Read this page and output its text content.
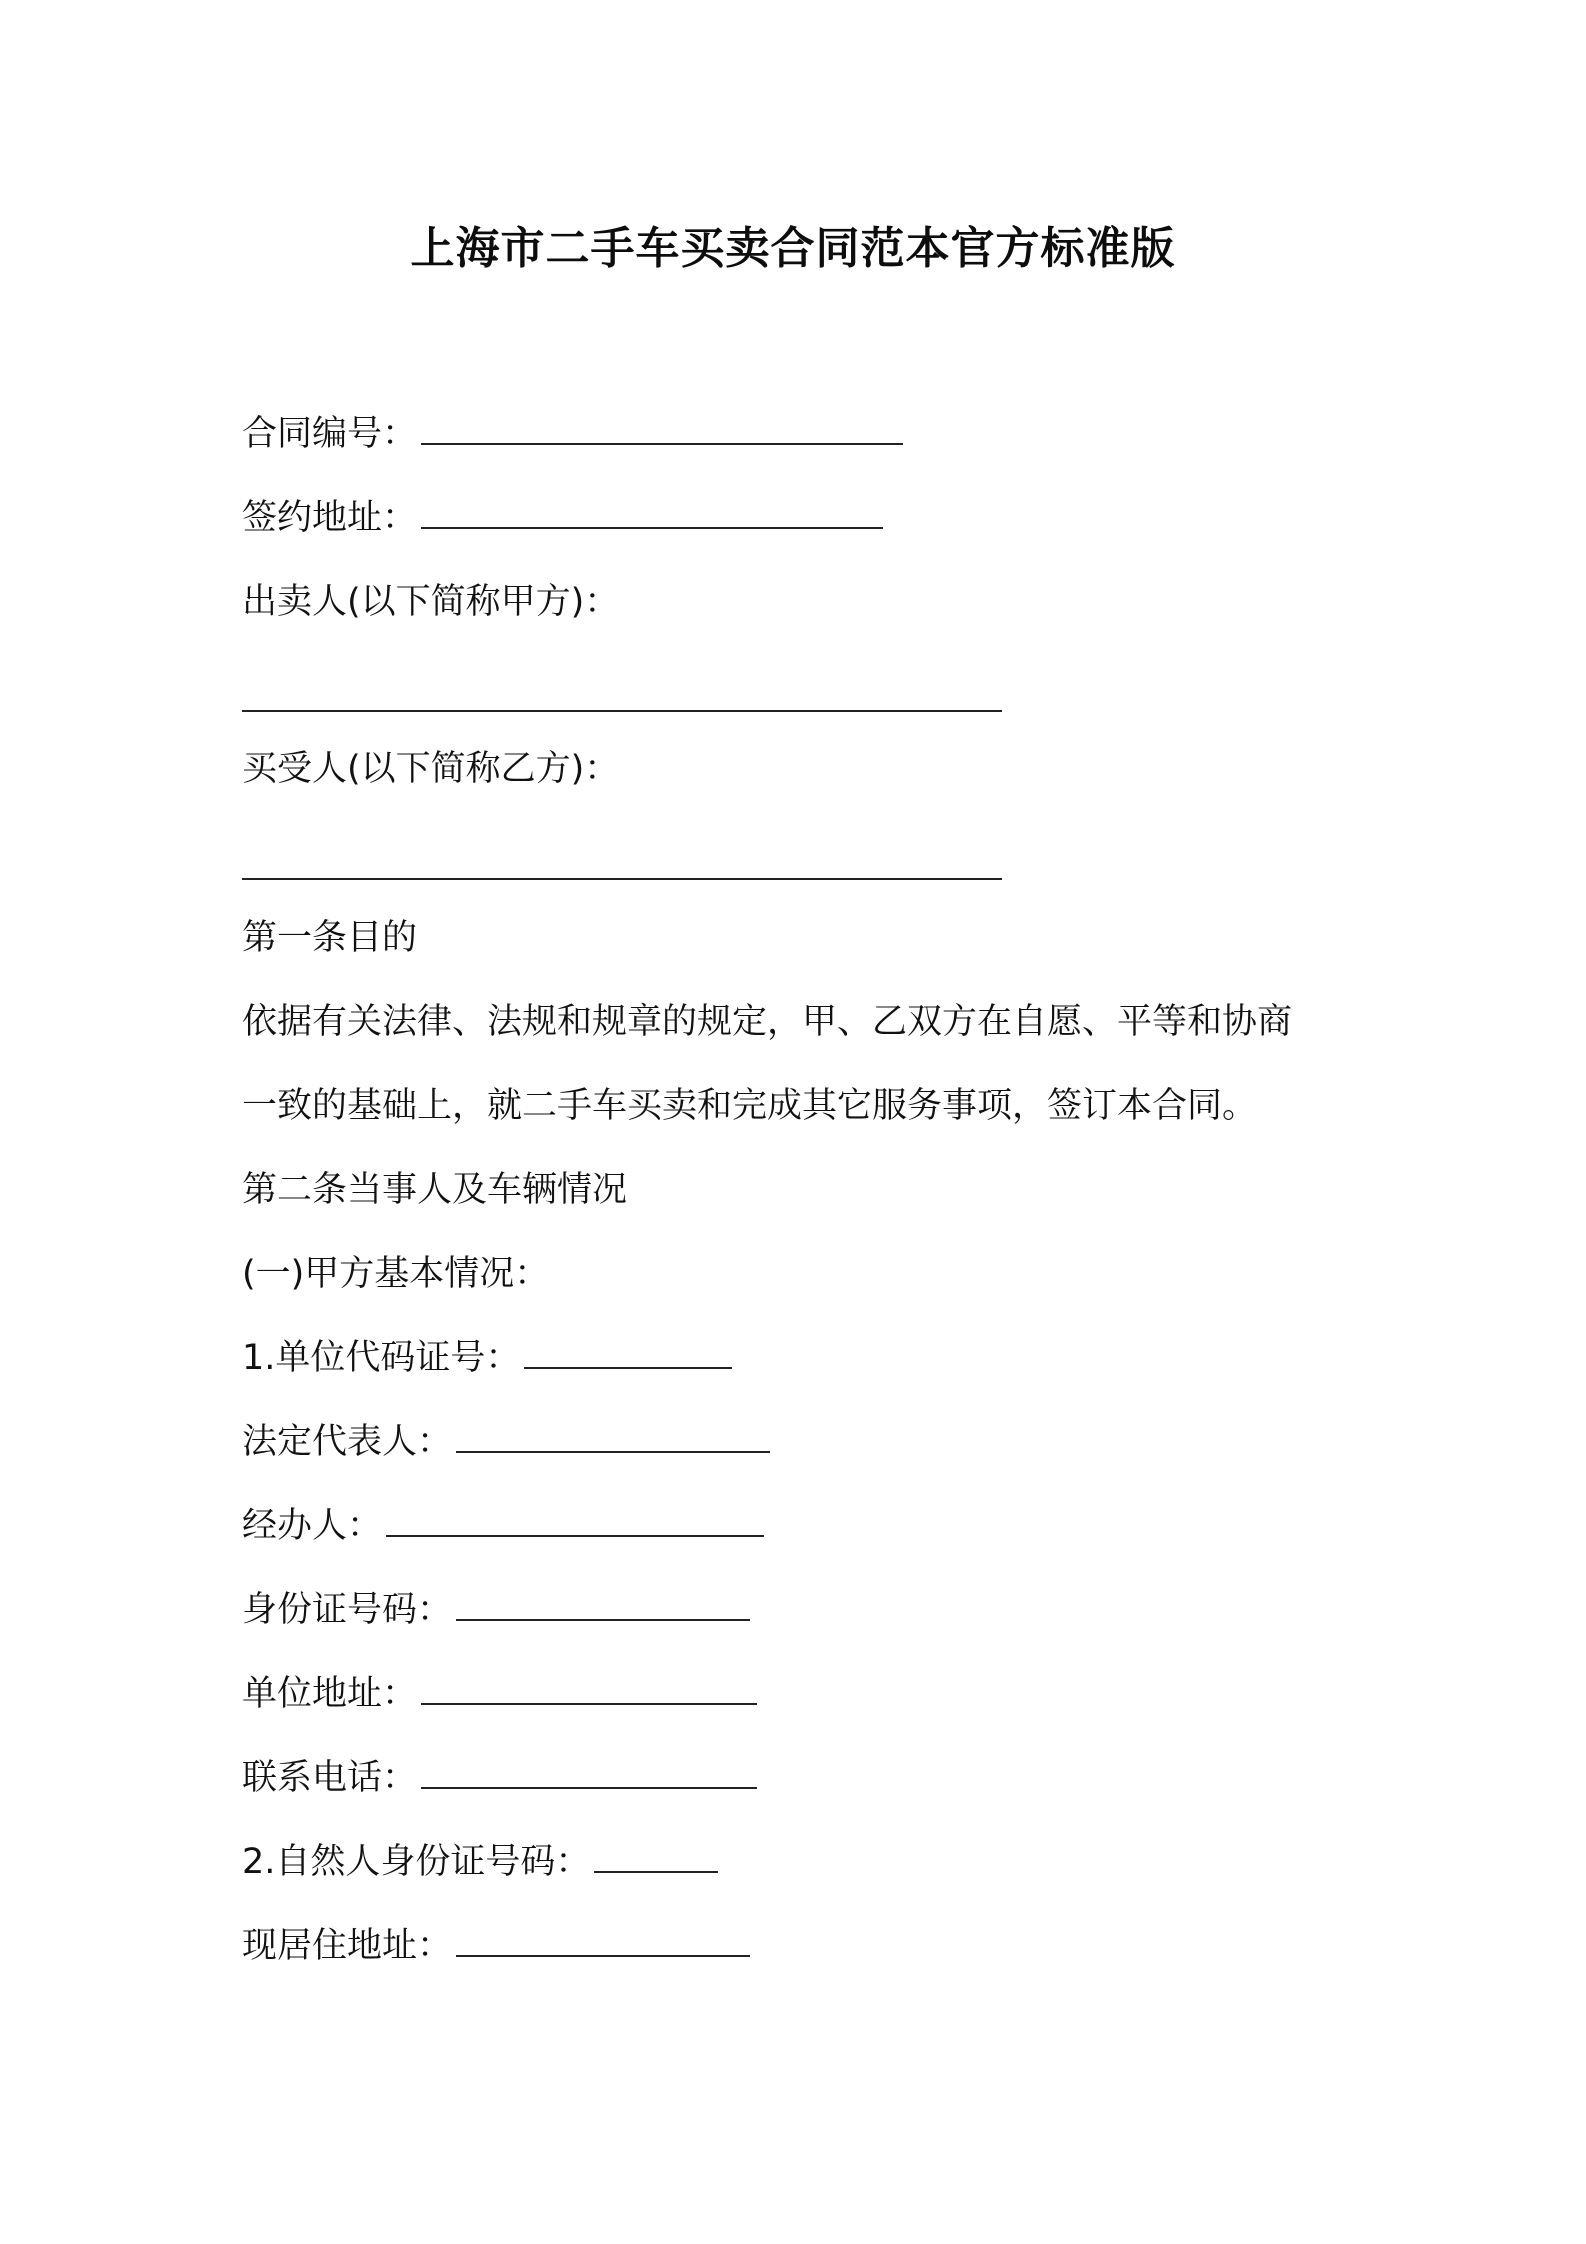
上海市二手车买卖合同范本官方标准版
合同编号：
签约地址：
出卖人(以下简称甲方)：
买受人(以下简称乙方)：
第一条目的
依据有关法律、法规和规章的规定，甲、乙双方在自愿、平等和协商
一致的基础上，就二手车买卖和完成其它服务事项，签订本合同。
第二条当事人及车辆情况
(一)甲方基本情况：
1.单位代码证号：
法定代表人：
经办人：
身份证号码：
单位地址：
联系电话：
2.自然人身份证号码：
现居住地址：
